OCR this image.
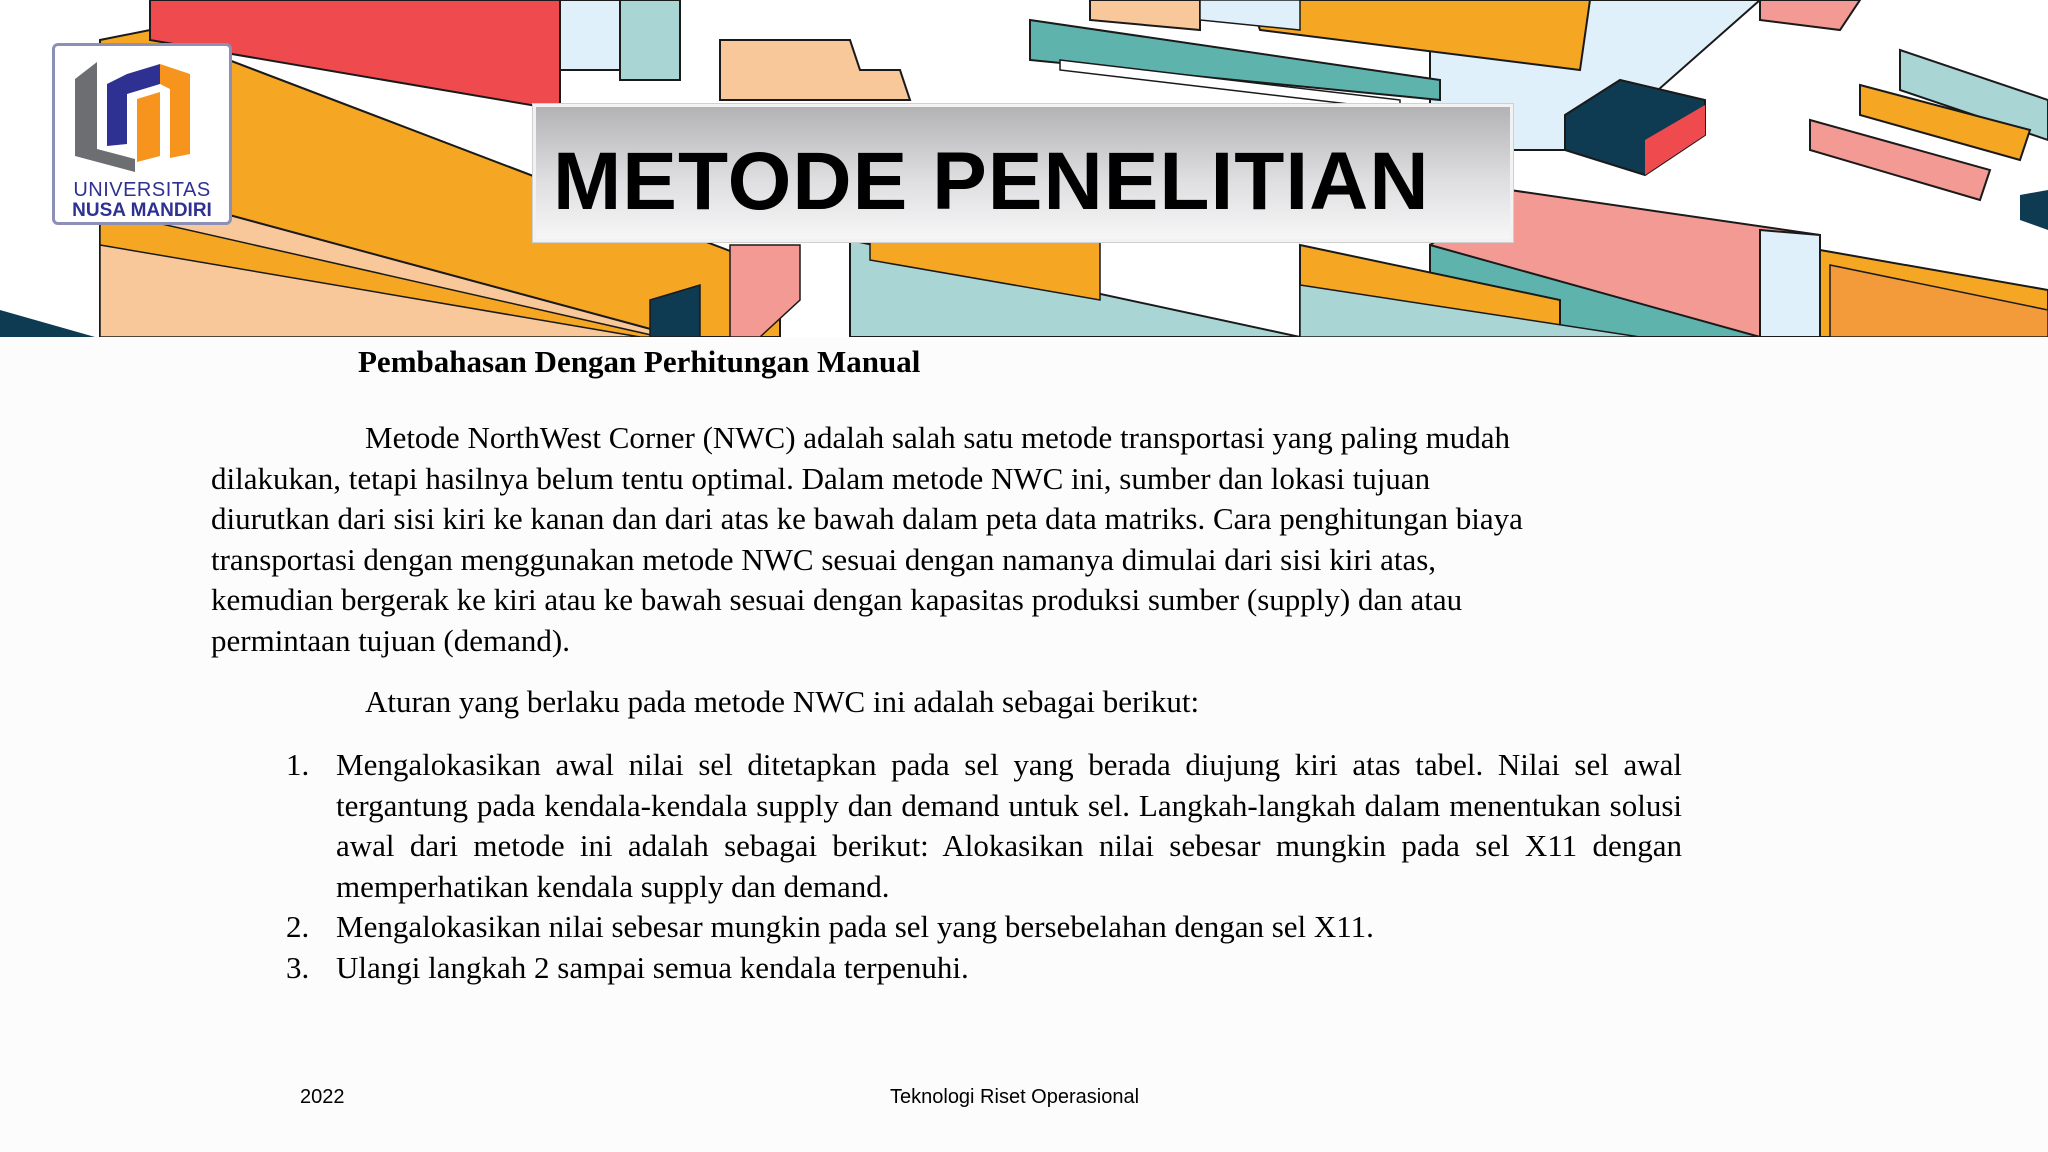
UNIVERSITAS
NUSA MANDIRI	METODE PENELITIAN
Pembahasan Dengan Perhitungan Manual
Metode NorthWest Corner (NWC) adalah salah satu metode transportasi yang paling mudah
dilakukan, tetapi hasilnya belum tentu optimal. Dalam metode NWC ini, sumber dan lokasi tujuan
diurutkan dari sisi kiri ke kanan dan dari atas ke bawah dalam peta data matriks. Cara penghitungan biaya
transportasi dengan menggunakan metode NWC sesuai dengan namanya dimulai dari sisi kiri atas,
kemudian bergerak ke kiri atau ke bawah sesuai dengan kapasitas produksi sumber (supply) dan atau
permintaan tujuan (demand).
Aturan yang berlaku pada metode NWC ini adalah sebagai berikut:
1. Mengalokasikan awal nilai sel ditetapkan pada sel yang berada diujung kiri atas tabel. Nilai sel awal tergantung pada kendala-kendala supply dan demand untuk sel. Langkah-langkah dalam menentukan solusi awal dari metode ini adalah sebagai berikut: Alokasikan nilai sebesar mungkin pada sel X11 dengan memperhatikan kendala supply dan demand.
2. Mengalokasikan nilai sebesar mungkin pada sel yang bersebelahan dengan sel X11.
3. Ulangi langkah 2 sampai semua kendala terpenuhi.
2022	Teknologi Riset Operasional
